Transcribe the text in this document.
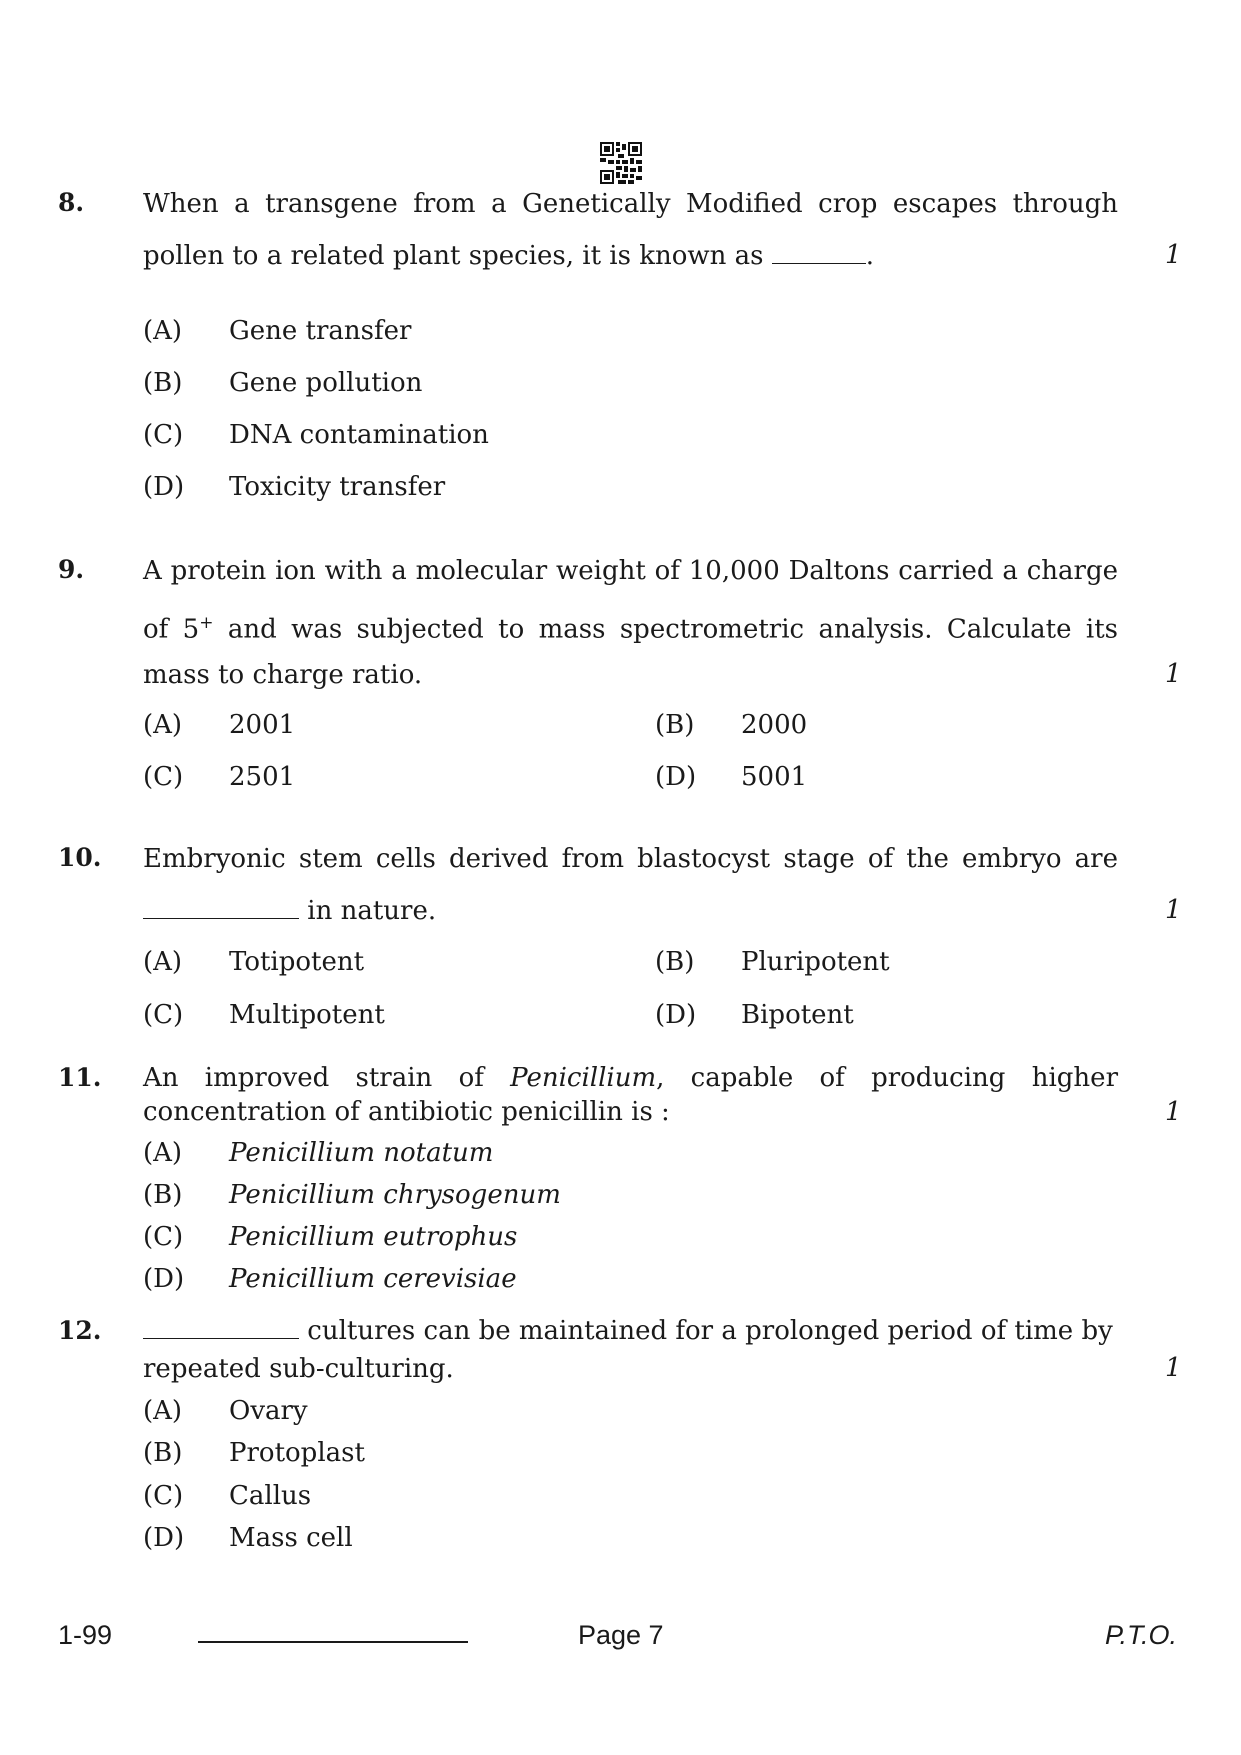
8. When a transgene from a Genetically Modified crop escapes through
pollen to a related plant species, it is known as	.	1
(A) Gene transfer
(B) Gene pollution
(C) DNA contamination
(D) Toxicity transfer
9. A protein ion with a molecular weight of 10,000 Daltons carried a charge
of 5+ and was subjected to mass spectrometric analysis. Calculate its
mass to charge ratio.	1
(A) 2001	(B) 2000
(C) 2501	(D) 5001
10. Embryonic stem cells derived from blastocyst stage of the embryo are
in nature.	1
(A) Totipotent	(B) Pluripotent
(C) Multipotent	(D) Bipotent
11. An improved strain of Penicillium, capable of producing higher
concentration of antibiotic penicillin is :	1
(A) Penicillium notatum
(B) Penicillium chrysogenum
(C) Penicillium eutrophus
(D) Penicillium cerevisiae
12.	cultures can be maintained for a prolonged period of time by
repeated sub-culturing.	1
(A) Ovary
(B) Protoplast
(C) Callus
(D) Mass cell
1-99	Page 7	P.T.O.
